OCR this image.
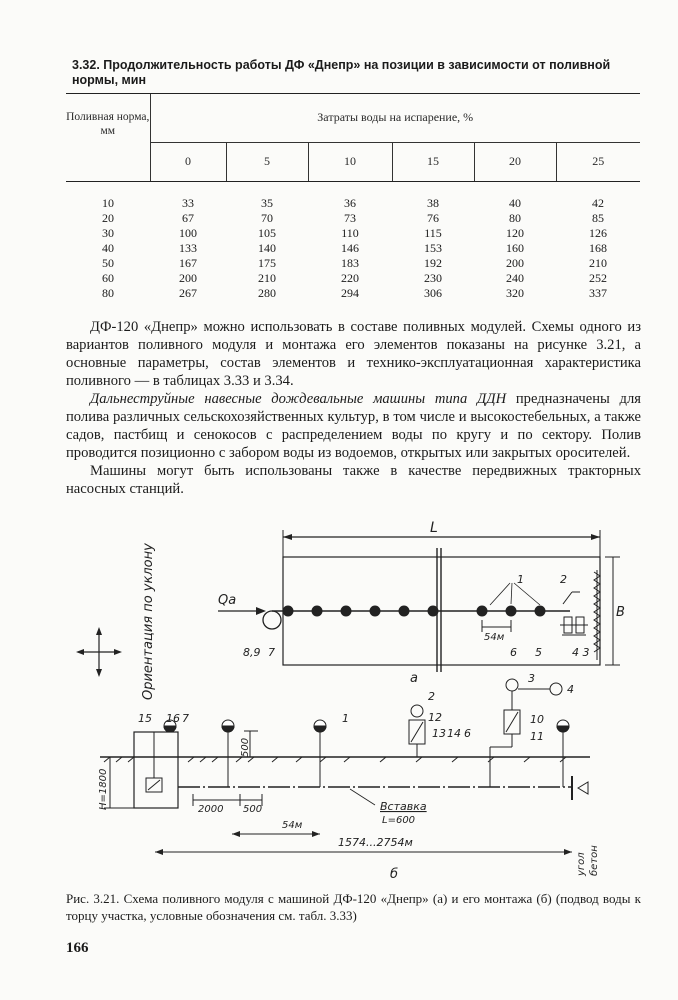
3.32. Продолжительность работы ДФ «Днепр» на позиции в зависимости от поливной нормы, мин
Поливная норма, мм	Затраты воды на испарение, %					
	0	5	10	15	20	25
10	33	35	36	38	40	42
20	67	70	73	76	80	85
30	100	105	110	115	120	126
40	133	140	146	153	160	168
50	167	175	183	192	200	210
60	200	210	220	230	240	252
80	267	280	294	306	320	337

ДФ-120 «Днепр» можно использовать в составе поливных модулей. Схемы одного из вариантов поливного модуля и монтажа его элементов показаны на рисунке 3.21, а основные параметры, состав элементов и технико-эксплуатационная характеристика поливного — в таблицах 3.33 и 3.34.

Дальнеструйные навесные дождевальные машины типа ДДН предназначены для полива различных сельскохозяйственных культур, в том числе и высокостебельных, а также садов, пастбищ и сенокосов с распределением воды по кругу и по сектору. Полив проводится позиционно с забором воды из водоемов, открытых или закрытых оросителей.

Машины могут быть использованы также в качестве передвижных тракторных насосных станций.

L
Qa
54м
1	2
B
8,9 7	6 5	4 3
a
Ориентация по уклону
H=1800
500
2000 500
54м
1574...2754м
Вставка
L=600
угол бетон
15 16 7	1
2
12
13 14 6
3
4
10
11
б
Рис. 3.21. Схема поливного модуля с машиной ДФ-120 «Днепр» (а) и его монтажа (б) (подвод воды к торцу участка, условные обозначения см. табл. 3.33)
166
